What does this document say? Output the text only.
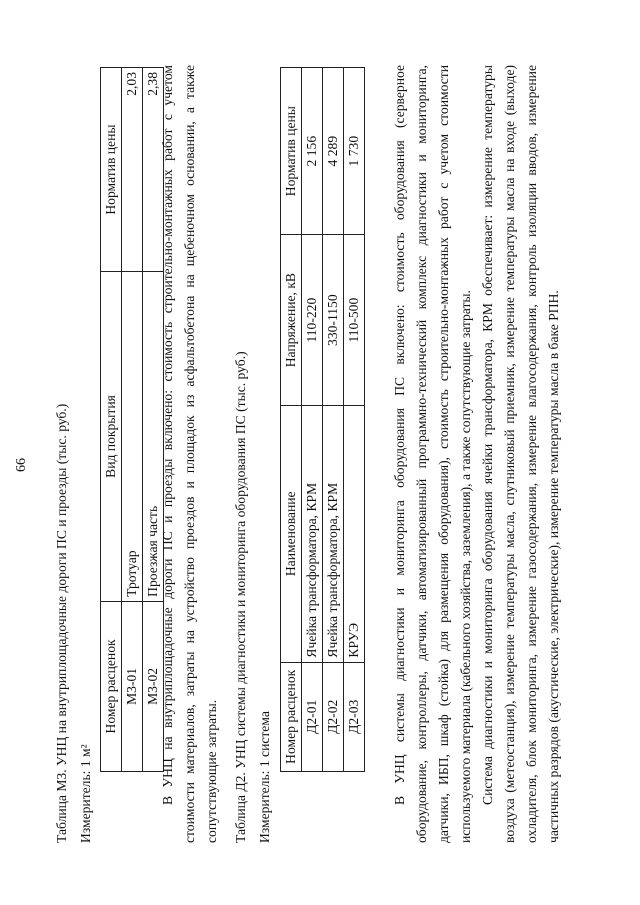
66 Таблица М3. УНЦ на внутриплощадочные дороги ПС и проезды (тыс. руб.) Измеритель: 1 м²
Номер расценок	Вид покрытия	Норматив цены
М3-01	Тротуар	2,03
М3-02	Проезжая часть	2,38 В УНЦ на внутриплощадочные дороги ПС и проезды включено: стоимость строительно-монтажных работ с учетом стоимости материалов, затраты на устройство проездов и площадок из асфальтобетона на щебеночном основании, а также сопутствующие затраты. Таблица Д2. УНЦ системы диагностики и мониторинга оборудования ПС (тыс. руб.) Измеритель: 1 система Номер расценок	Наименование	Напряжение, кВ	Норматив цены
Д2-01	Ячейка трансформатора, КРМ	110-220	2 156
Д2-02	Ячейка трансформатора, КРМ	330-1150	4 289
Д2-03	КРУЭ	110-500	1 730 В УНЦ системы диагностики и мониторинга оборудования ПС включено: стоимость оборудования (серверное оборудование, контроллеры, датчики, автоматизированный программно-технический комплекс диагностики и мониторинга, датчики, ИБП, шкаф (стойка) для размещения оборудования), стоимость строительно-монтажных работ с учетом стоимости используемого материала (кабельного хозяйства, заземления), а также сопутствующие затраты. Система диагностики и мониторинга оборудования ячейки трансформатора, КРМ обеспечивает: измерение температуры воздуха (метеостанция), измерение температуры масла, спутниковый приемник, измерение температуры масла на входе (выходе) охладителя, блок мониторинга, измерение газосодержания, измерение влагосодержания, контроль изоляции вводов, измерение частичных разрядов (акустические, электрические), измерение температуры масла в баке РПН.
